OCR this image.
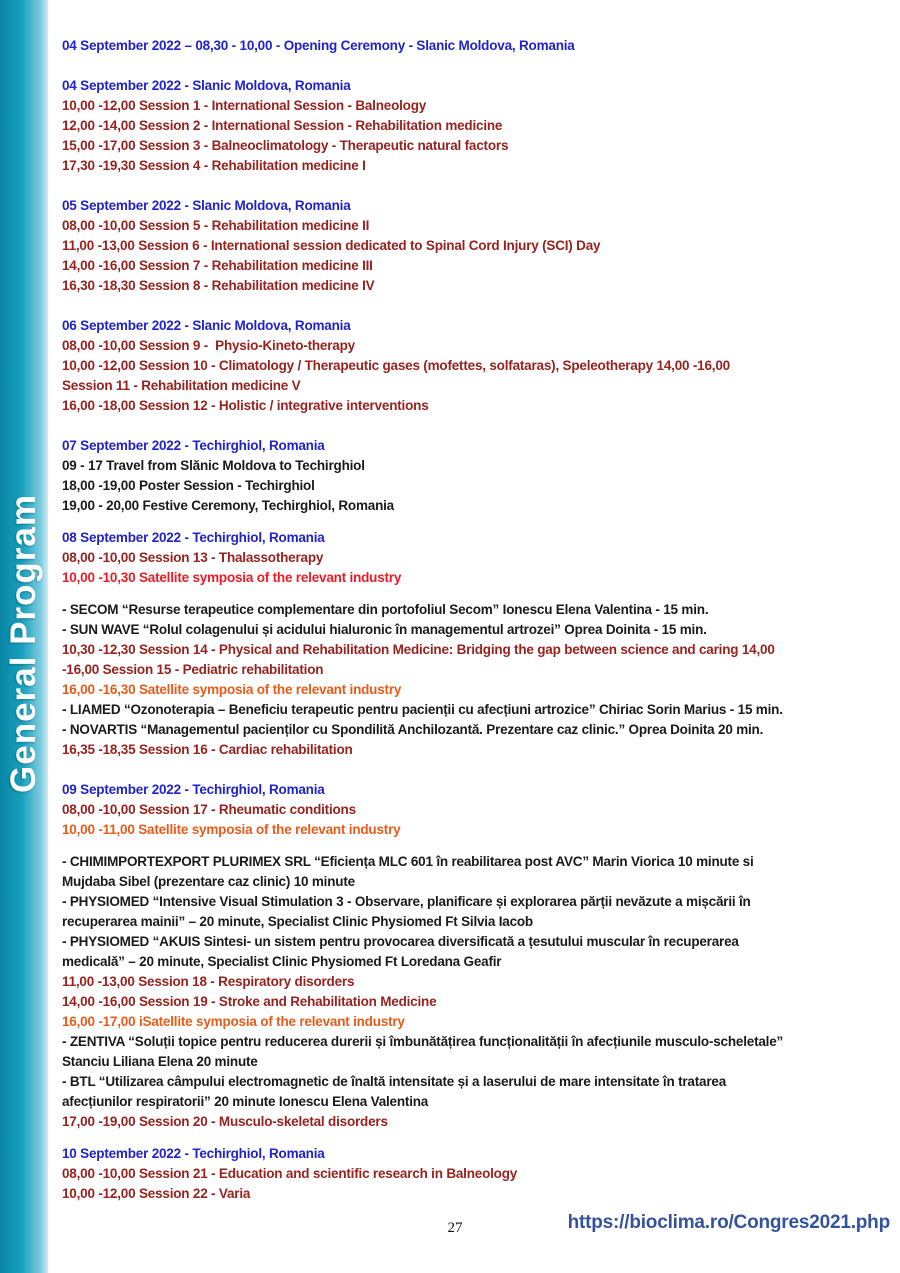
General Program

04 September 2022 – 08,30 - 10,00 - Opening Ceremony - Slanic Moldova, Romania

04 September 2022 - Slanic Moldova, Romania

10,00 -12,00 Session 1 - International Session - Balneology

12,00 -14,00 Session 2 - International Session - Rehabilitation medicine

15,00 -17,00 Session 3 - Balneoclimatology - Therapeutic natural factors

17,30 -19,30 Session 4 - Rehabilitation medicine I

05 September 2022 - Slanic Moldova, Romania

08,00 -10,00 Session 5 - Rehabilitation medicine II

11,00 -13,00 Session 6 - International session dedicated to Spinal Cord Injury (SCI) Day

14,00 -16,00 Session 7 - Rehabilitation medicine III

16,30 -18,30 Session 8 - Rehabilitation medicine IV

06 September 2022 - Slanic Moldova, Romania

08,00 -10,00 Session 9 -  Physio-Kineto-therapy

10,00 -12,00 Session 10 - Climatology / Therapeutic gases (mofettes, solfataras), Speleotherapy 14,00 -16,00

Session 11 - Rehabilitation medicine V

16,00 -18,00 Session 12 - Holistic / integrative interventions

07 September 2022 - Techirghiol, Romania

09 - 17 Travel from Slănic Moldova to Techirghiol

18,00 -19,00 Poster Session - Techirghiol

19,00 - 20,00 Festive Ceremony, Techirghiol, Romania

08 September 2022 - Techirghiol, Romania

08,00 -10,00 Session 13 - Thalassotherapy

10,00 -10,30 Satellite symposia of the relevant industry

- SECOM “Resurse terapeutice complementare din portofoliul Secom” Ionescu Elena Valentina - 15 min.

- SUN WAVE “Rolul colagenului și acidului hialuronic în managementul artrozei” Oprea Doinita - 15 min.

10,30 -12,30 Session 14 - Physical and Rehabilitation Medicine: Bridging the gap between science and caring 14,00

-16,00 Session 15 - Pediatric rehabilitation

16,00 -16,30 Satellite symposia of the relevant industry

- LIAMED “Ozonoterapia – Beneficiu terapeutic pentru pacienții cu afecțiuni artrozice” Chiriac Sorin Marius - 15 min.

- NOVARTIS “Managementul pacienților cu Spondilită Anchilozantă. Prezentare caz clinic.” Oprea Doinita 20 min.

16,35 -18,35 Session 16 - Cardiac rehabilitation

09 September 2022 - Techirghiol, Romania

08,00 -10,00 Session 17 - Rheumatic conditions

10,00 -11,00 Satellite symposia of the relevant industry

- CHIMIMPORTEXPORT PLURIMEX SRL “Eficiența MLC 601 în reabilitarea post AVC” Marin Viorica 10 minute si

Mujdaba Sibel (prezentare caz clinic) 10 minute

- PHYSIOMED “Intensive Visual Stimulation 3 - Observare, planificare și explorarea părții nevăzute a mișcării în

recuperarea mainii” – 20 minute, Specialist Clinic Physiomed Ft Silvia Iacob

- PHYSIOMED “AKUIS Sintesi- un sistem pentru provocarea diversificată a țesutului muscular în recuperarea

medicală” – 20 minute, Specialist Clinic Physiomed Ft Loredana Geafir

11,00 -13,00 Session 18 - Respiratory disorders

14,00 -16,00 Session 19 - Stroke and Rehabilitation Medicine

16,00 -17,00 iSatellite symposia of the relevant industry

- ZENTIVA “Soluții topice pentru reducerea durerii și îmbunătățirea funcționalității în afecțiunile musculo-scheletale”

Stanciu Liliana Elena 20 minute

- BTL “Utilizarea câmpului electromagnetic de înaltă intensitate și a laserului de mare intensitate în tratarea

afecțiunilor respiratorii” 20 minute Ionescu Elena Valentina

17,00 -19,00 Session 20 - Musculo-skeletal disorders

10 September 2022 - Techirghiol, Romania

08,00 -10,00 Session 21 - Education and scientific research in Balneology

10,00 -12,00 Session 22 - Varia

27	https://bioclima.ro/Congres2021.php
